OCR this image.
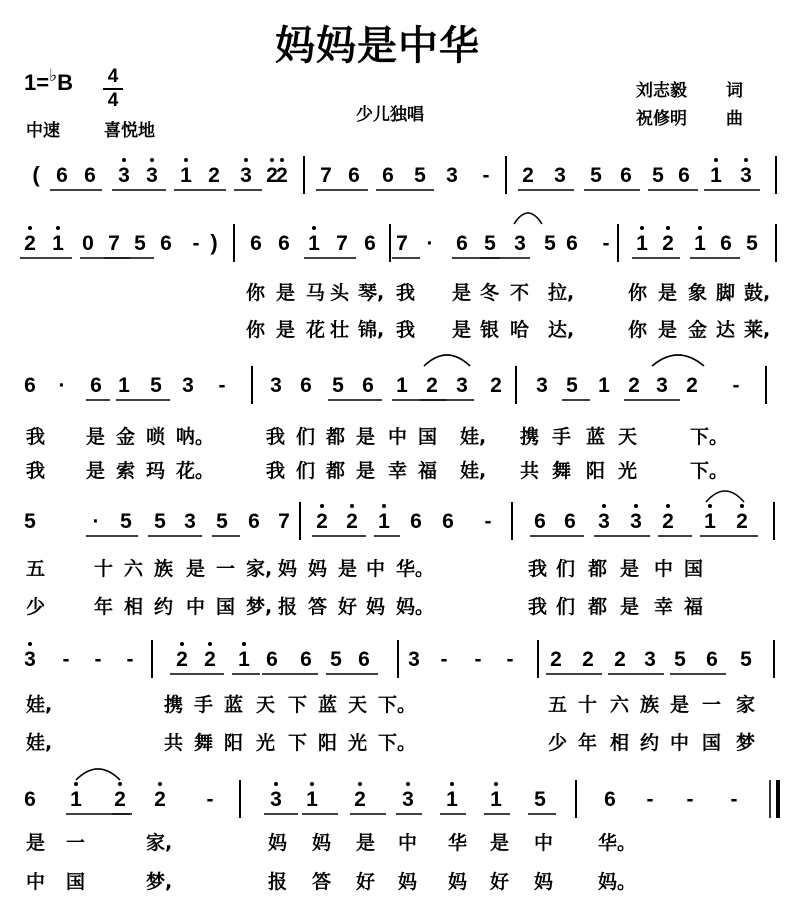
妈妈是中华
1=♭B 4
4
中速	喜悦地
少儿独唱
刘志毅 词
祝修明 曲
6 6 3 3 1 2 3 2
2 7 6 6 5 3 - 2 3 5 6 5 6 1 3
(
2 1 0 7 5 6 - 6 6 1 7 6 7 · 6 5 3 5 6 - 1 2 1 6 5
)
你 是 马 头 琴, 我 是 冬 不 拉,	你 是 象 脚 鼓,
你 是 花 壮 锦, 我 是 银 哈 达,	你 是 金 达 莱,
6 · 6 1 5 3 - 3 6 5 6 1 2 3 2 3 5 1 2 3 2 -
我 是 金 唢 呐。	我 们 都 是 中 国 娃, 携 手 蓝 天	下。
我 是 索 玛 花。	我 们 都 是 幸 福 娃, 共 舞 阳 光	下。
5	· 5 5 3 5 6 7 2 2 1 6 6 - 6 6 3 3 2 1 2
五	十 六 族 是 一 家, 妈 妈 是 中 华。	我 们 都 是 中 国
少	年 相 约 中 国 梦, 报 答 好 妈 妈。	我 们 都 是 幸 福
3 - - - 2 2 1 6 6 5 6 3 - - - 2 2 2 3 5 6 5
娃,	携 手 蓝 天 下 蓝 天 下。	五 十 六 族 是 一 家
娃,	共 舞 阳 光 下 阳 光 下。	少 年 相 约 中 国 梦
6 1 2 2 -	3 1 2 3 1 1 5	6 - - -
是 一	家,	妈 妈 是 中 华 是 中 华。
中 国	梦,	报 答 好 妈 妈 好 妈 妈。
